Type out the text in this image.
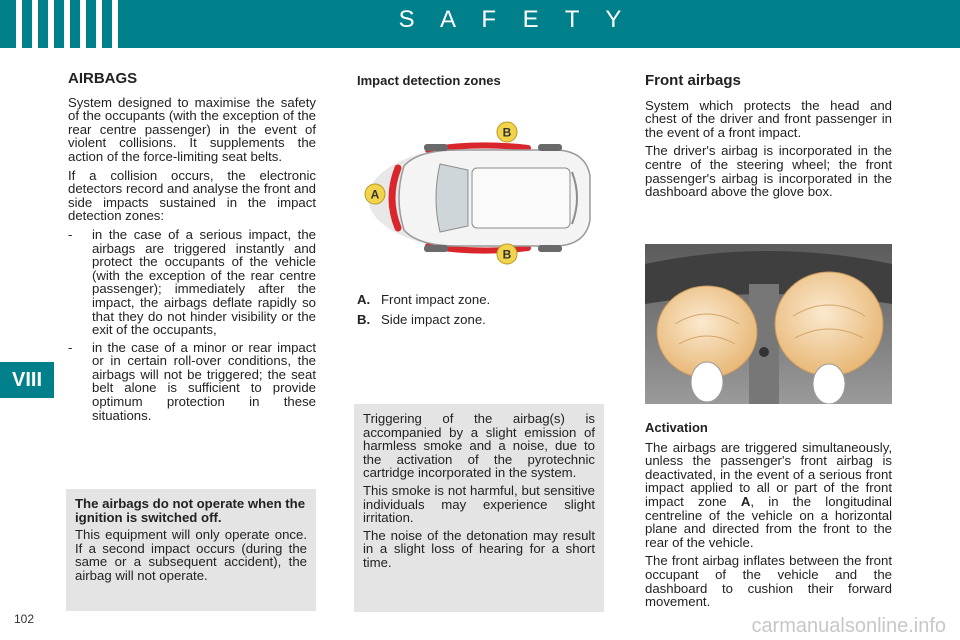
S A F E T Y
VIII
102
AIRBAGS

System designed to maximise the safety of the occupants (with the exception of the rear centre passenger) in the event of violent collisions. It supplements the action of the force-limiting seat belts.

If a collision occurs, the electronic detectors record and analyse the front and side impacts sustained in the impact detection zones:

- in the case of a serious impact, the airbags are triggered instantly and protect the occupants of the vehicle (with the exception of the rear centre passenger); immediately after the impact, the airbags deflate rapidly so that they do not hinder visibility or the exit of the occupants,
- in the case of a minor or rear impact or in certain roll-over conditions, the airbags will not be triggered; the seat belt alone is sufficient to provide optimum protection in these situations.

The airbags do not operate when the ignition is switched off.

This equipment will only operate once. If a second impact occurs (during the same or a subsequent accident), the airbag will not operate.

Impact detection zones
A
B
B
A. Front impact zone.
B. Side impact zone.

Triggering of the airbag(s) is accompanied by a slight emission of harmless smoke and a noise, due to the activation of the pyrotechnic cartridge incorporated in the system.

This smoke is not harmful, but sensitive individuals may experience slight irritation.

The noise of the detonation may result in a slight loss of hearing for a short time.

Front airbags

System which protects the head and chest of the driver and front passenger in the event of a front impact.

The driver's airbag is incorporated in the centre of the steering wheel; the front passenger's airbag is incorporated in the dashboard above the glove box.

Activation

The airbags are triggered simultaneously, unless the passenger's front airbag is deactivated, in the event of a serious front impact applied to all or part of the front impact zone A, in the longitudinal centreline of the vehicle on a horizontal plane and directed from the front to the rear of the vehicle.

The front airbag inflates between the front occupant of the vehicle and the dashboard to cushion their forward movement.

carmanualsonline.info
